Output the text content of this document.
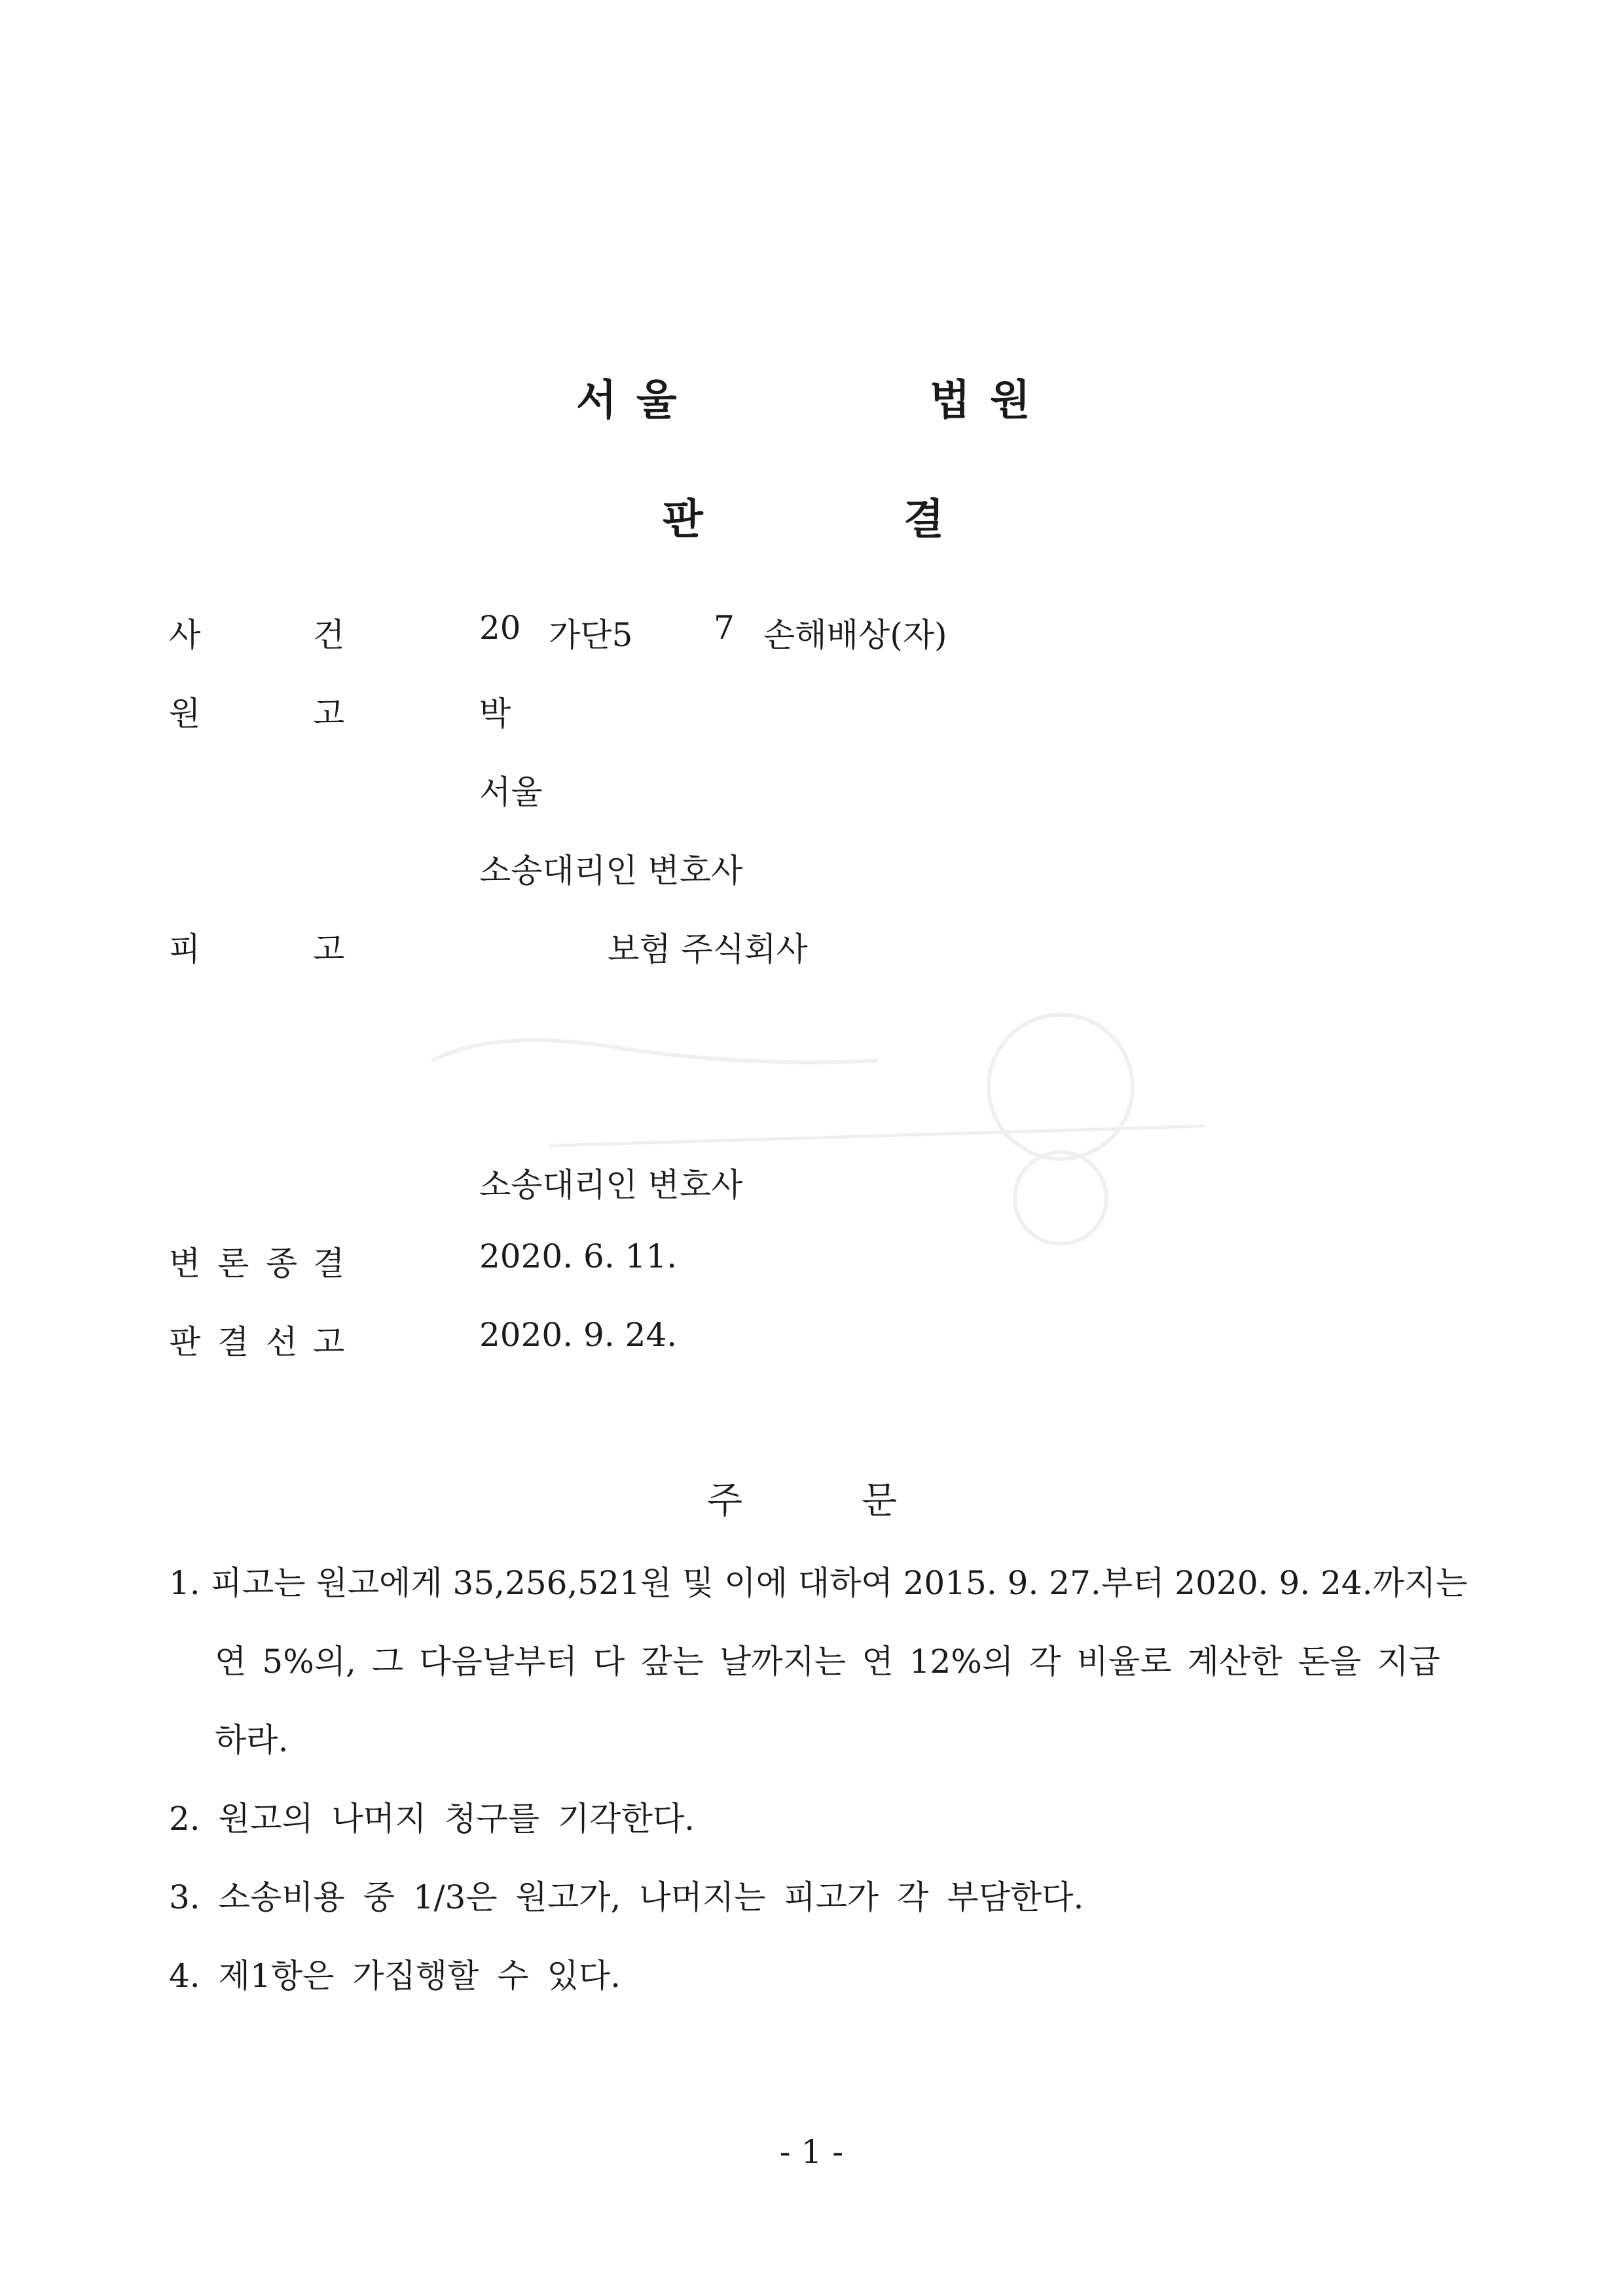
서울	법원
판	결
사	건	20 가단5 7 손해배상(자)
원	고	박
서울
소송대리인 변호사
피	고	보험 주식회사
소송대리인 변호사
변 론 종 결	2020. 6. 11.
판 결 선 고	2020. 9. 24.
주	문
1. 피고는 원고에게 35,256,521원 및 이에 대하여 2015. 9. 27.부터 2020. 9. 24.까지는
연 5%의, 그 다음날부터 다 갚는 날까지는 연 12%의 각 비율로 계산한 돈을 지급
하라.
2. 원고의 나머지 청구를 기각한다.
3. 소송비용 중 1/3은 원고가, 나머지는 피고가 각 부담한다.
4. 제1항은 가집행할 수 있다.
- 1 -
